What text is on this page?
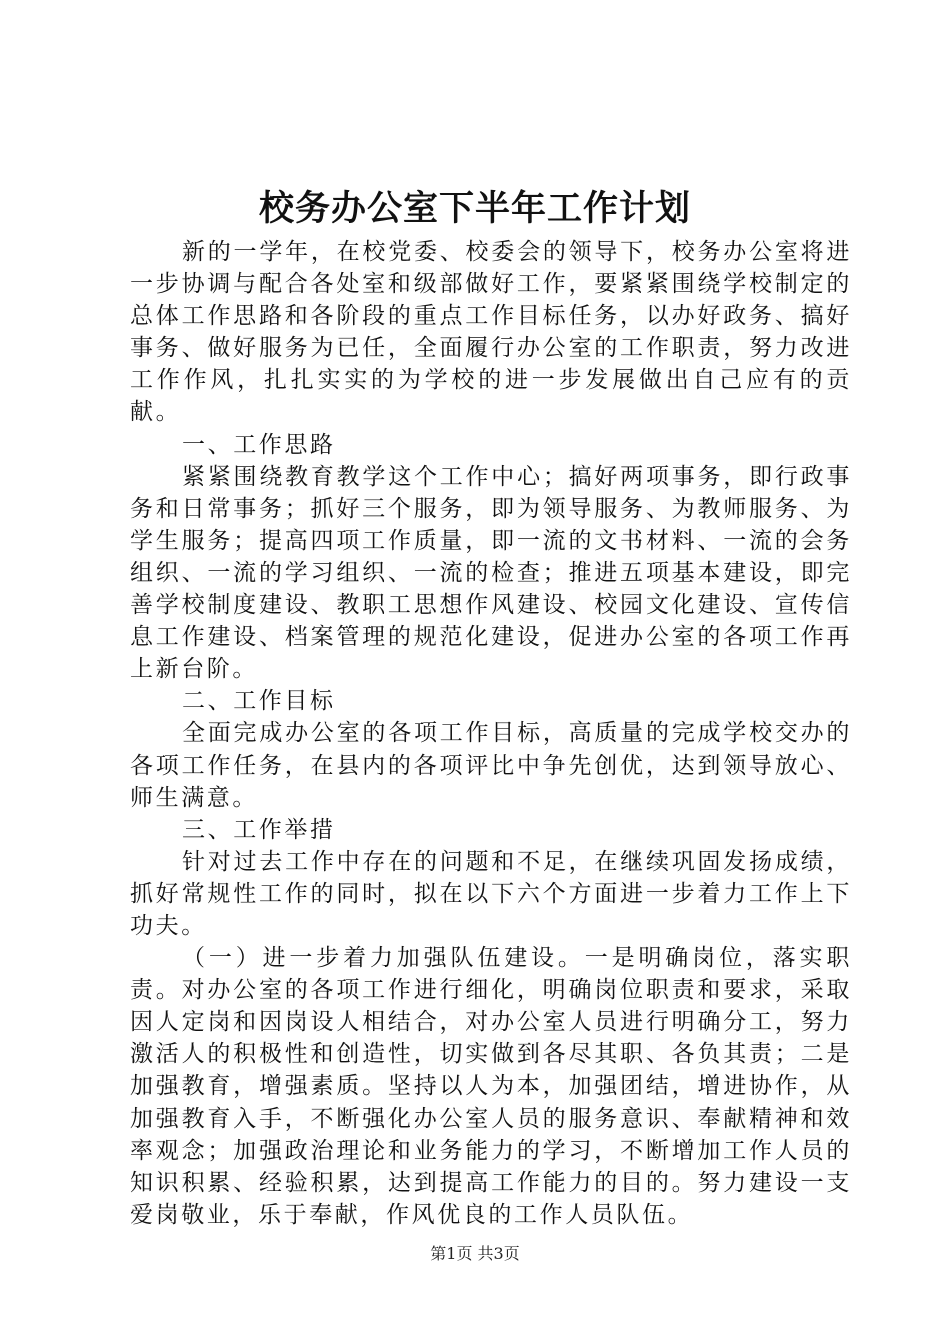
校务办公室下半年工作计划

新的一学年，在校党委、校委会的领导下，校务办公室将进一步协调与配合各处室和级部做好工作，要紧紧围绕学校制定的总体工作思路和各阶段的重点工作目标任务，以办好政务、搞好事务、做好服务为已任，全面履行办公室的工作职责，努力改进工作作风，扎扎实实的为学校的进一步发展做出自己应有的贡献。

一、工作思路

紧紧围绕教育教学这个工作中心；搞好两项事务，即行政事务和日常事务；抓好三个服务，即为领导服务、为教师服务、为学生服务；提高四项工作质量，即一流的文书材料、一流的会务组织、一流的学习组织、一流的检查；推进五项基本建设，即完善学校制度建设、教职工思想作风建设、校园文化建设、宣传信息工作建设、档案管理的规范化建设，促进办公室的各项工作再上新台阶。

二、工作目标

全面完成办公室的各项工作目标，高质量的完成学校交办的各项工作任务，在县内的各项评比中争先创优，达到领导放心、师生满意。

三、工作举措

针对过去工作中存在的问题和不足，在继续巩固发扬成绩，抓好常规性工作的同时，拟在以下六个方面进一步着力工作上下功夫。

（一）进一步着力加强队伍建设。一是明确岗位，落实职责。对办公室的各项工作进行细化，明确岗位职责和要求，采取因人定岗和因岗设人相结合，对办公室人员进行明确分工，努力激活人的积极性和创造性，切实做到各尽其职、各负其责；二是加强教育，增强素质。坚持以人为本，加强团结，增进协作，从加强教育入手，不断强化办公室人员的服务意识、奉献精神和效率观念；加强政治理论和业务能力的学习，不断增加工作人员的知识积累、经验积累，达到提高工作能力的目的。努力建设一支爱岗敬业，乐于奉献，作风优良的工作人员队伍。

第1页 共3页
